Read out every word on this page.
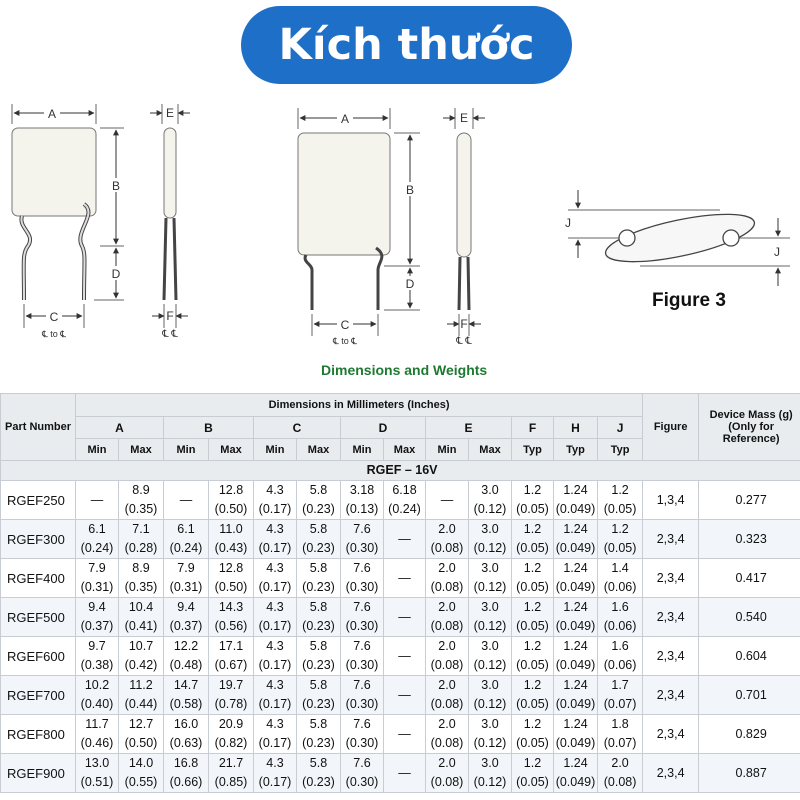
Kích thước
A
B
D
C
℄ to ℄
E
F
℄ ℄
A
B
D
C
℄ to ℄
E
F
℄ ℄
J
J
Dimensions and Weights
Figure 3
Part Number	Dimensions in Millimeters (Inches)													Figure	Device Mass (g) (Only for Reference)
	A		B		C		D		E		F	H	J		
	Min	Max	Min	Max	Min	Max	Min	Max	Min	Max	Typ	Typ	Typ		
RGEF – 16V															
RGEF250	—	8.9	—	12.8	4.3	5.8	3.18	6.18	—	3.0	1.2	1.24	1.2	1,3,4	0.277
		(0.35)		(0.50)	(0.17)	(0.23)	(0.13)	(0.24)		(0.12)	(0.05)	(0.049)	(0.05)		
RGEF300	6.1	7.1	6.1	11.0	4.3	5.8	7.6	—	2.0	3.0	1.2	1.24	1.2	2,3,4	0.323
	(0.24)	(0.28)	(0.24)	(0.43)	(0.17)	(0.23)	(0.30)		(0.08)	(0.12)	(0.05)	(0.049)	(0.05)		
RGEF400	7.9	8.9	7.9	12.8	4.3	5.8	7.6	—	2.0	3.0	1.2	1.24	1.4	2,3,4	0.417
	(0.31)	(0.35)	(0.31)	(0.50)	(0.17)	(0.23)	(0.30)		(0.08)	(0.12)	(0.05)	(0.049)	(0.06)		
RGEF500	9.4	10.4	9.4	14.3	4.3	5.8	7.6	—	2.0	3.0	1.2	1.24	1.6	2,3,4	0.540
	(0.37)	(0.41)	(0.37)	(0.56)	(0.17)	(0.23)	(0.30)		(0.08)	(0.12)	(0.05)	(0.049)	(0.06)		
RGEF600	9.7	10.7	12.2	17.1	4.3	5.8	7.6	—	2.0	3.0	1.2	1.24	1.6	2,3,4	0.604
	(0.38)	(0.42)	(0.48)	(0.67)	(0.17)	(0.23)	(0.30)		(0.08)	(0.12)	(0.05)	(0.049)	(0.06)		
RGEF700	10.2	11.2	14.7	19.7	4.3	5.8	7.6	—	2.0	3.0	1.2	1.24	1.7	2,3,4	0.701
	(0.40)	(0.44)	(0.58)	(0.78)	(0.17)	(0.23)	(0.30)		(0.08)	(0.12)	(0.05)	(0.049)	(0.07)		
RGEF800	11.7	12.7	16.0	20.9	4.3	5.8	7.6	—	2.0	3.0	1.2	1.24	1.8	2,3,4	0.829
	(0.46)	(0.50)	(0.63)	(0.82)	(0.17)	(0.23)	(0.30)		(0.08)	(0.12)	(0.05)	(0.049)	(0.07)		
RGEF900	13.0	14.0	16.8	21.7	4.3	5.8	7.6	—	2.0	3.0	1.2	1.24	2.0	2,3,4	0.887
	(0.51)	(0.55)	(0.66)	(0.85)	(0.17)	(0.23)	(0.30)		(0.08)	(0.12)	(0.05)	(0.049)	(0.08)		
